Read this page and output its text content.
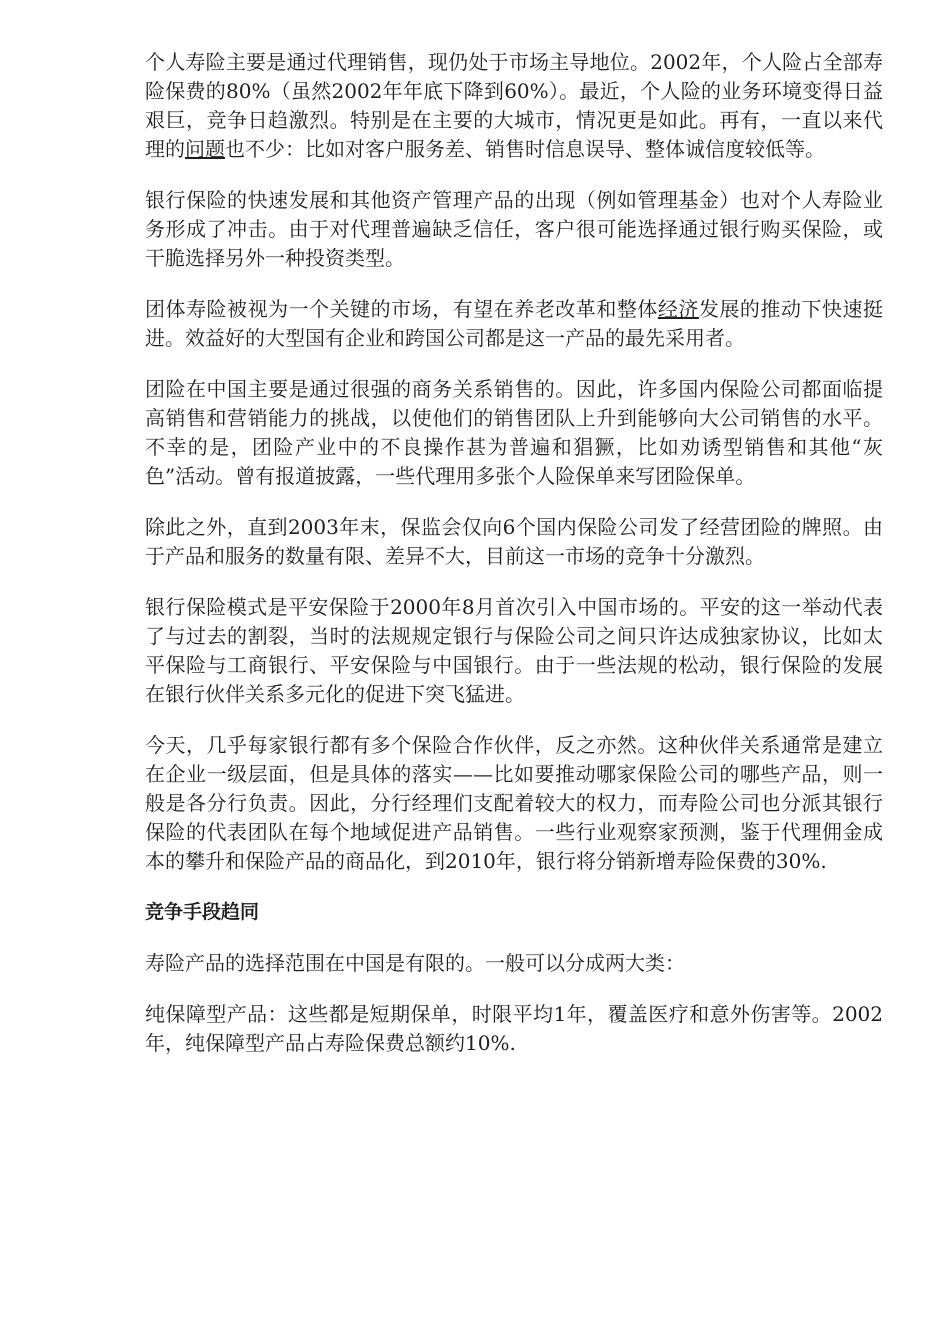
个人寿险主要是通过代理销售，现仍处于市场主导地位。2002年，个人险占全部寿险保费的80%（虽然2002年年底下降到60%）。最近，个人险的业务环境变得日益艰巨，竞争日趋激烈。特别是在主要的大城市，情况更是如此。再有，一直以来代理的问题也不少：比如对客户服务差、销售时信息误导、整体诚信度较低等。

银行保险的快速发展和其他资产管理产品的出现（例如管理基金）也对个人寿险业务形成了冲击。由于对代理普遍缺乏信任，客户很可能选择通过银行购买保险，或干脆选择另外一种投资类型。

团体寿险被视为一个关键的市场，有望在养老改革和整体经济发展的推动下快速挺进。效益好的大型国有企业和跨国公司都是这一产品的最先采用者。

团险在中国主要是通过很强的商务关系销售的。因此，许多国内保险公司都面临提高销售和营销能力的挑战，以使他们的销售团队上升到能够向大公司销售的水平。不幸的是，团险产业中的不良操作甚为普遍和猖獗，比如劝诱型销售和其他“灰色”活动。曾有报道披露，一些代理用多张个人险保单来写团险保单。

除此之外，直到2003年末，保监会仅向6个国内保险公司发了经营团险的牌照。由于产品和服务的数量有限、差异不大，目前这一市场的竞争十分激烈。

银行保险模式是平安保险于2000年8月首次引入中国市场的。平安的这一举动代表了与过去的割裂，当时的法规规定银行与保险公司之间只许达成独家协议，比如太平保险与工商银行、平安保险与中国银行。由于一些法规的松动，银行保险的发展在银行伙伴关系多元化的促进下突飞猛进。

今天，几乎每家银行都有多个保险合作伙伴，反之亦然。这种伙伴关系通常是建立在企业一级层面，但是具体的落实——比如要推动哪家保险公司的哪些产品，则一般是各分行负责。因此，分行经理们支配着较大的权力，而寿险公司也分派其银行保险的代表团队在每个地域促进产品销售。一些行业观察家预测，鉴于代理佣金成本的攀升和保险产品的商品化，到2010年，银行将分销新增寿险保费的30%.

竞争手段趋同

寿险产品的选择范围在中国是有限的。一般可以分成两大类：

纯保障型产品：这些都是短期保单，时限平均1年，覆盖医疗和意外伤害等。2002年，纯保障型产品占寿险保费总额约10%.
